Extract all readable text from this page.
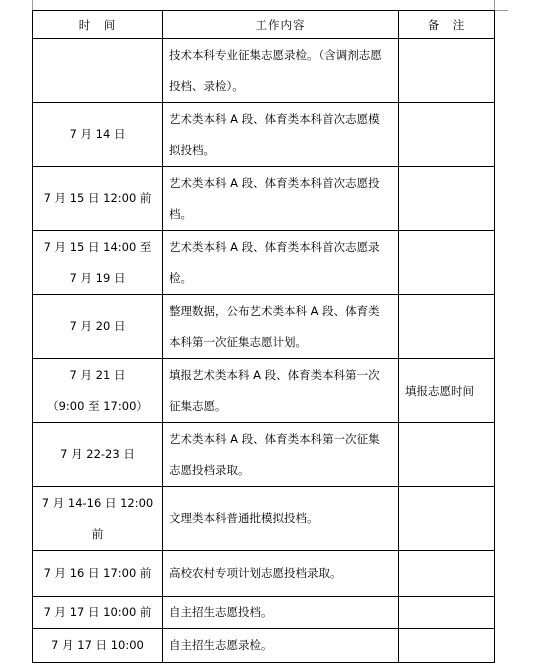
时　间	工作内容	备　注

	技术本科专业征集志愿录检。（含调剂志愿
投档、录检）。	

7 月 14 日	艺术类本科 A 段、体育类本科首次志愿模
拟投档。	

7 月 15 日 12:00 前	艺术类本科 A 段、体育类本科首次志愿投
档。	

7 月 15 日 14:00 至
7 月 19 日	艺术类本科 A 段、体育类本科首次志愿录
检。	

7 月 20 日	整理数据，公布艺术类本科 A 段、体育类
本科第一次征集志愿计划。	

7 月 21 日
（9:00 至 17:00）	填报艺术类本科 A 段、体育类本科第一次
征集志愿。	填报志愿时间

7 月 22-23 日	艺术类本科 A 段、体育类本科第一次征集
志愿投档录取。	

7 月 14-16 日 12:00
前	文理类本科普通批模拟投档。	

7 月 16 日 17:00 前	高校农村专项计划志愿投档录取。	

7 月 17 日 10:00 前	自主招生志愿投档。	

7 月 17 日 10:00	自主招生志愿录检。	
